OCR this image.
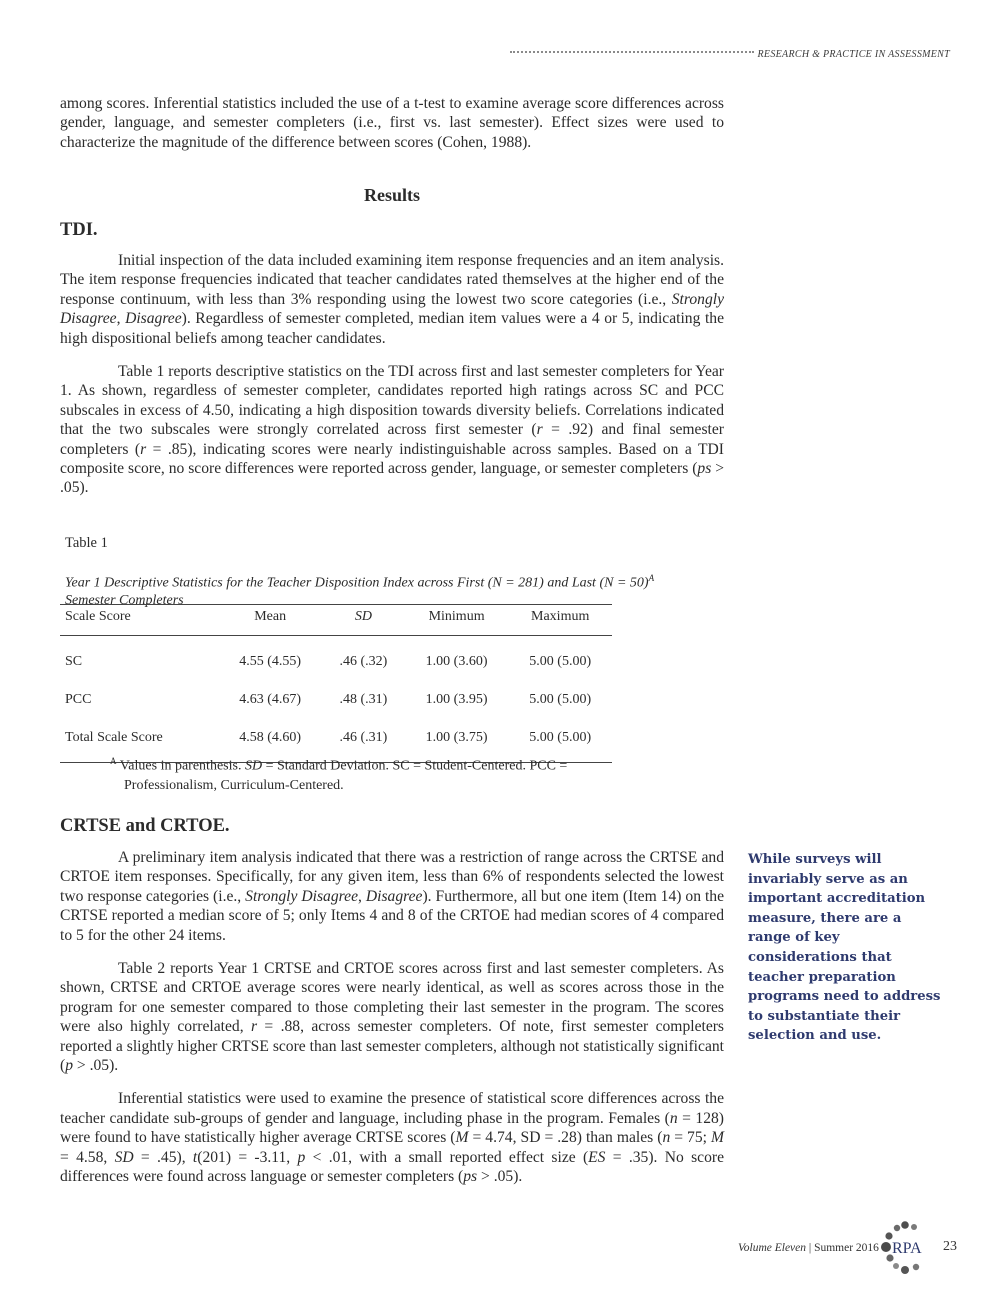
RESEARCH & PRACTICE IN ASSESSMENT

among scores. Inferential statistics included the use of a t-test to examine average score differences across gender, language, and semester completers (i.e., first vs. last semester). Effect sizes were used to characterize the magnitude of the difference between scores (Cohen, 1988).

Results
TDI.

Initial inspection of the data included examining item response frequencies and an item analysis. The item response frequencies indicated that teacher candidates rated themselves at the higher end of the response continuum, with less than 3% responding using the lowest two score categories (i.e., Strongly Disagree, Disagree). Regardless of semester completed, median item values were a 4 or 5, indicating the high dispositional beliefs among teacher candidates.

Table 1 reports descriptive statistics on the TDI across first and last semester completers for Year 1. As shown, regardless of semester completer, candidates reported high ratings across SC and PCC subscales in excess of 4.50, indicating a high disposition towards diversity beliefs. Correlations indicated that the two subscales were strongly correlated across first semester (r = .92) and final semester completers (r = .85), indicating scores were nearly indistinguishable across samples. Based on a TDI composite score, no score differences were reported across gender, language, or semester completers (ps > .05).

Table 1
Year 1 Descriptive Statistics for the Teacher Disposition Index across First (N = 281) and Last (N = 50)$^A$ Semester Completers
Scale Score	Mean	SD	Minimum	Maximum
SC	4.55 (4.55)	.46 (.32)	1.00 (3.60)	5.00 (5.00)
PCC	4.63 (4.67)	.48 (.31)	1.00 (3.95)	5.00 (5.00)
Total Scale Score	4.58 (4.60)	.46 (.31)	1.00 (3.75)	5.00 (5.00)
$^A$ Values in parenthesis. SD = Standard Deviation. SC = Student-Centered. PCC =
Professionalism, Curriculum-Centered.
CRTSE and CRTOE.

A preliminary item analysis indicated that there was a restriction of range across the CRTSE and CRTOE item responses. Specifically, for any given item, less than 6% of respondents selected the lowest two response categories (i.e., Strongly Disagree, Disagree). Furthermore, all but one item (Item 14) on the CRTSE reported a median score of 5; only Items 4 and 8 of the CRTOE had median scores of 4 compared to 5 for the other 24 items.

Table 2 reports Year 1 CRTSE and CRTOE scores across first and last semester completers. As shown, CRTSE and CRTOE average scores were nearly identical, as well as scores across those in the program for one semester compared to those completing their last semester in the program. The scores were also highly correlated, r = .88, across semester completers. Of note, first semester completers reported a slightly higher CRTSE score than last semester completers, although not statistically significant (p > .05).

Inferential statistics were used to examine the presence of statistical score differences across the teacher candidate sub-groups of gender and language, including phase in the program. Females (n = 128) were found to have statistically higher average CRTSE scores (M = 4.74, SD = .28) than males (n = 75; M = 4.58, SD = .45), t(201) = -3.11, p < .01, with a small reported effect size (ES = .35). No score differences were found across language or semester completers (ps > .05).

While surveys will invariably serve as an important accreditation measure, there are a range of key considerations that teacher preparation programs need to address to substantiate their selection and use.
Volume Eleven | Summer 2016 RPA 23
